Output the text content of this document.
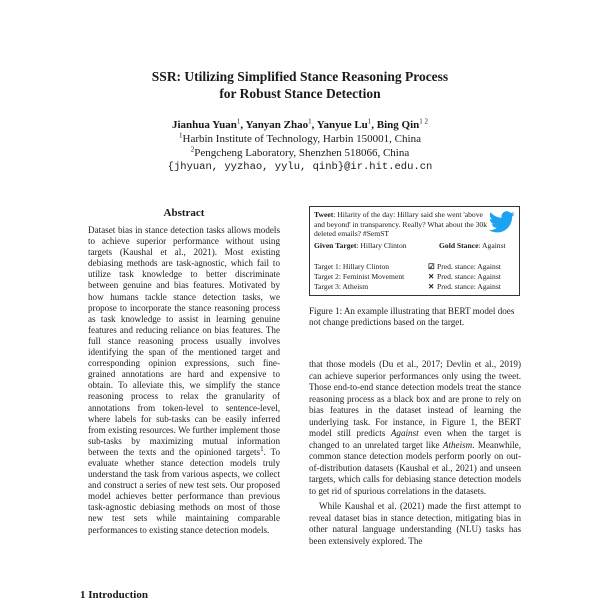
SSR: Utilizing Simplified Stance Reasoning Process
for Robust Stance Detection
Jianhua Yuan$^1$, Yanyan Zhao$^1$, Yanyue Lu$^1$, Bing Qin$^{1 2}$
$^1$Harbin Institute of Technology, Harbin 150001, China
$^2$Pengcheng Laboratory, Shenzhen 518066, China
{jhyuan, yyzhao, yylu, qinb}@ir.hit.edu.cn
Abstract
Dataset bias in stance detection tasks allows models to achieve superior performance without using targets (Kaushal et al., 2021). Most existing debiasing methods are task-agnostic, which fail to utilize task knowledge to better discriminate between genuine and bias features. Motivated by how humans tackle stance detection tasks, we propose to incorporate the stance reasoning process as task knowledge to assist in learning genuine features and reducing reliance on bias features. The full stance reasoning process usually involves identifying the span of the mentioned target and corresponding opinion expressions, such fine-grained annotations are hard and expensive to obtain. To alleviate this, we simplify the stance reasoning process to relax the granularity of annotations from token-level to sentence-level, where labels for sub-tasks can be easily inferred from existing resources. We further implement those sub-tasks by maximizing mutual information between the texts and the opinioned targets$^1$. To evaluate whether stance detection models truly understand the task from various aspects, we collect and construct a series of new test sets. Our proposed model achieves better performance than previous task-agnostic debiasing methods on most of those new test sets while maintaining comparable performances to existing stance detection models.
Tweet: Hilarity of the day: Hillary said she went 'above and beyond' in transparency. Really? What about the 30k deleted emails? #SemST
Given Target: Hillary Clinton	Gold Stance: Against
Target 1: Hillary Clinton	☑ Pred. stance: Against
Target 2: Feminist Movement	✕ Pred. stance: Against
Target 3: Atheism	✕ Pred. stance: Against
Figure 1: An example illustrating that BERT model does not change predictions based on the target.

that those models (Du et al., 2017; Devlin et al., 2019) can achieve superior performances only using the tweet. Those end-to-end stance detection models treat the stance reasoning process as a black box and are prone to rely on bias features in the dataset instead of learning the underlying task. For instance, in Figure 1, the BERT model still predicts Against even when the target is changed to an unrelated target like Atheism. Meanwhile, common stance detection models perform poorly on out-of-distribution datasets (Kaushal et al., 2021) and unseen targets, which calls for debiasing stance detection models to get rid of spurious correlations in the datasets.

While Kaushal et al. (2021) made the first attempt to reveal dataset bias in stance detection, mitigating bias in other natural language understanding (NLU) tasks has been extensively explored. The

1 Introduction
